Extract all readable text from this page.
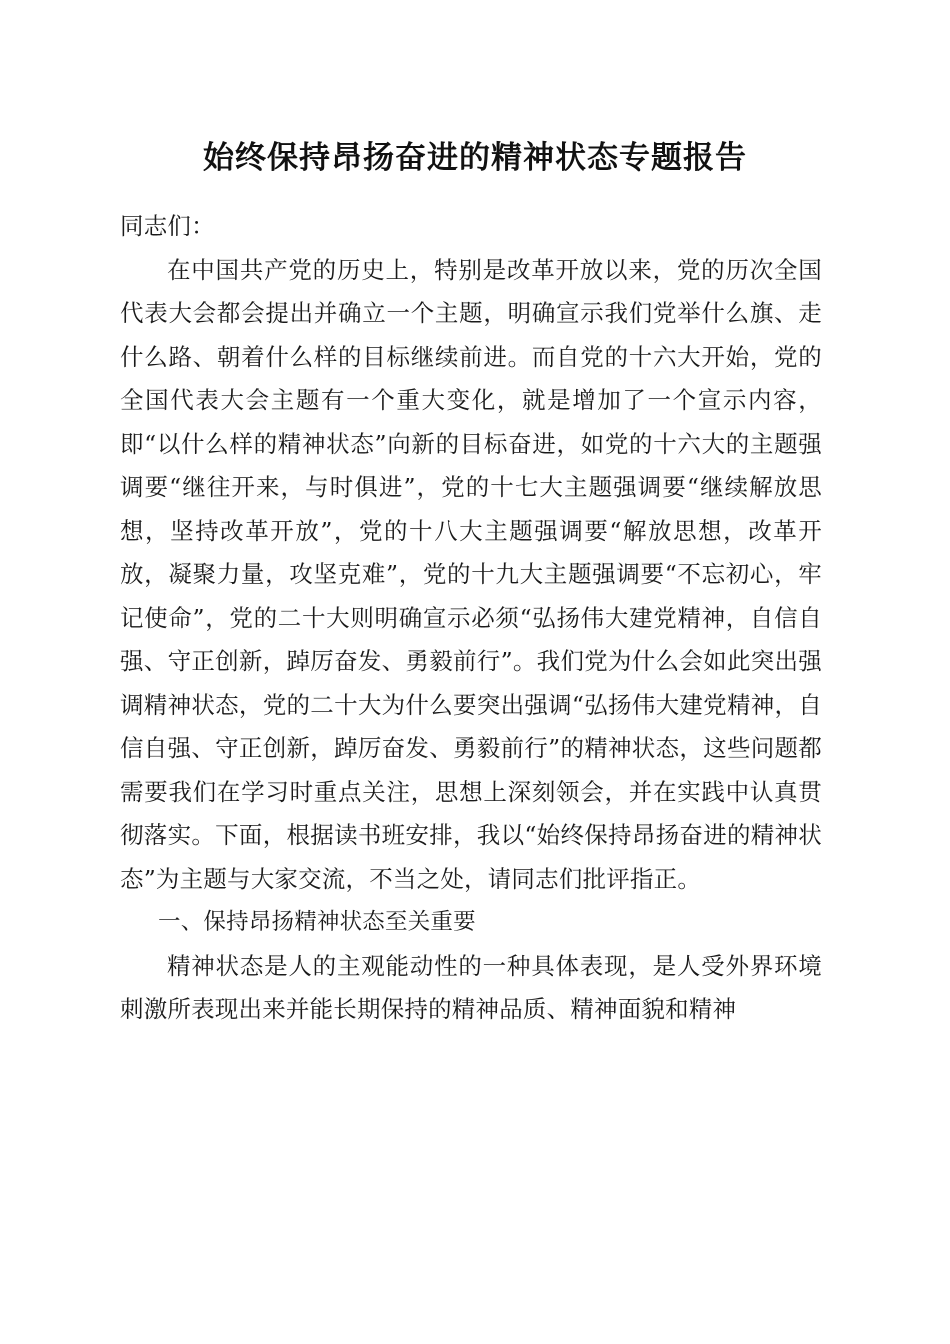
始终保持昂扬奋进的精神状态专题报告

同志们：

在中国共产党的历史上，特别是改革开放以来，党的历次全国代表大会都会提出并确立一个主题，明确宣示我们党举什么旗、走什么路、朝着什么样的目标继续前进。而自党的十六大开始，党的全国代表大会主题有一个重大变化，就是增加了一个宣示内容，即“以什么样的精神状态”向新的目标奋进，如党的十六大的主题强调要“继往开来，与时俱进”，党的十七大主题强调要“继续解放思想，坚持改革开放”，党的十八大主题强调要“解放思想，改革开放，凝聚力量，攻坚克难”，党的十九大主题强调要“不忘初心，牢记使命”，党的二十大则明确宣示必须“弘扬伟大建党精神，自信自强、守正创新，踔厉奋发、勇毅前行”。我们党为什么会如此突出强调精神状态，党的二十大为什么要突出强调“弘扬伟大建党精神，自信自强、守正创新，踔厉奋发、勇毅前行”的精神状态，这些问题都需要我们在学习时重点关注，思想上深刻领会，并在实践中认真贯彻落实。下面，根据读书班安排，我以“始终保持昂扬奋进的精神状态”为主题与大家交流，不当之处，请同志们批评指正。

一、保持昂扬精神状态至关重要

精神状态是人的主观能动性的一种具体表现，是人受外界环境刺激所表现出来并能长期保持的精神品质、精神面貌和精神
